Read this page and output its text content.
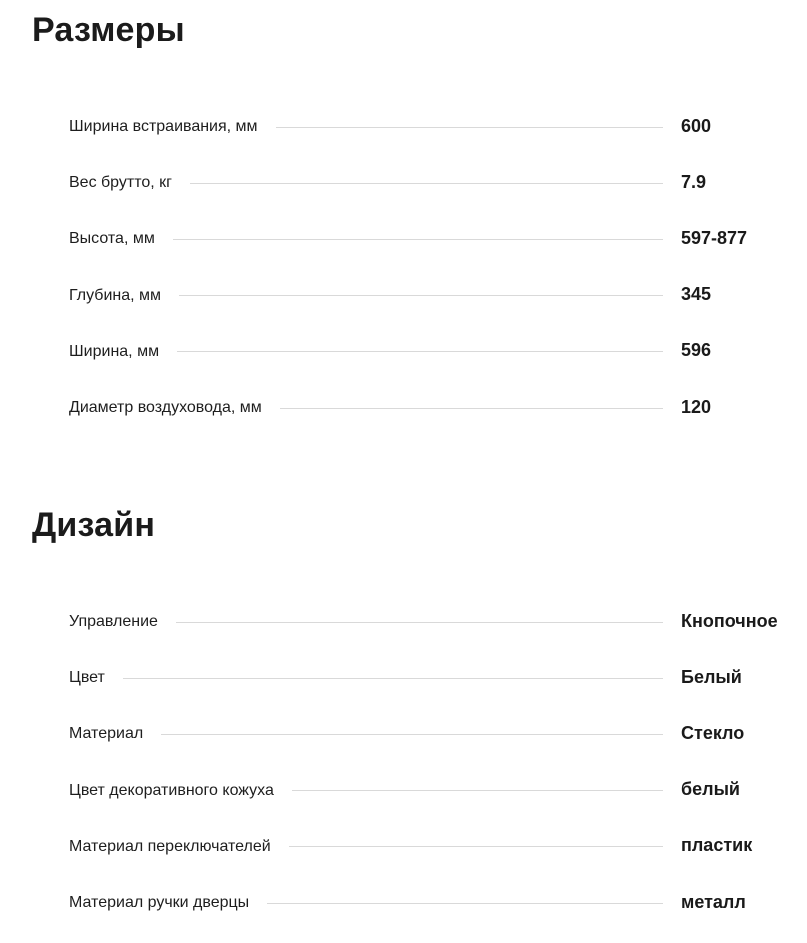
Размеры
Ширина встраивания, мм	600
Вес брутто, кг	7.9
Высота, мм	597-877
Глубина, мм	345
Ширина, мм	596
Диаметр воздуховода, мм	120
Дизайн
Управление	Кнопочное
Цвет	Белый
Материал	Стекло
Цвет декоративного кожуха	белый
Материал переключателей	пластик
Материал ручки дверцы	металл
